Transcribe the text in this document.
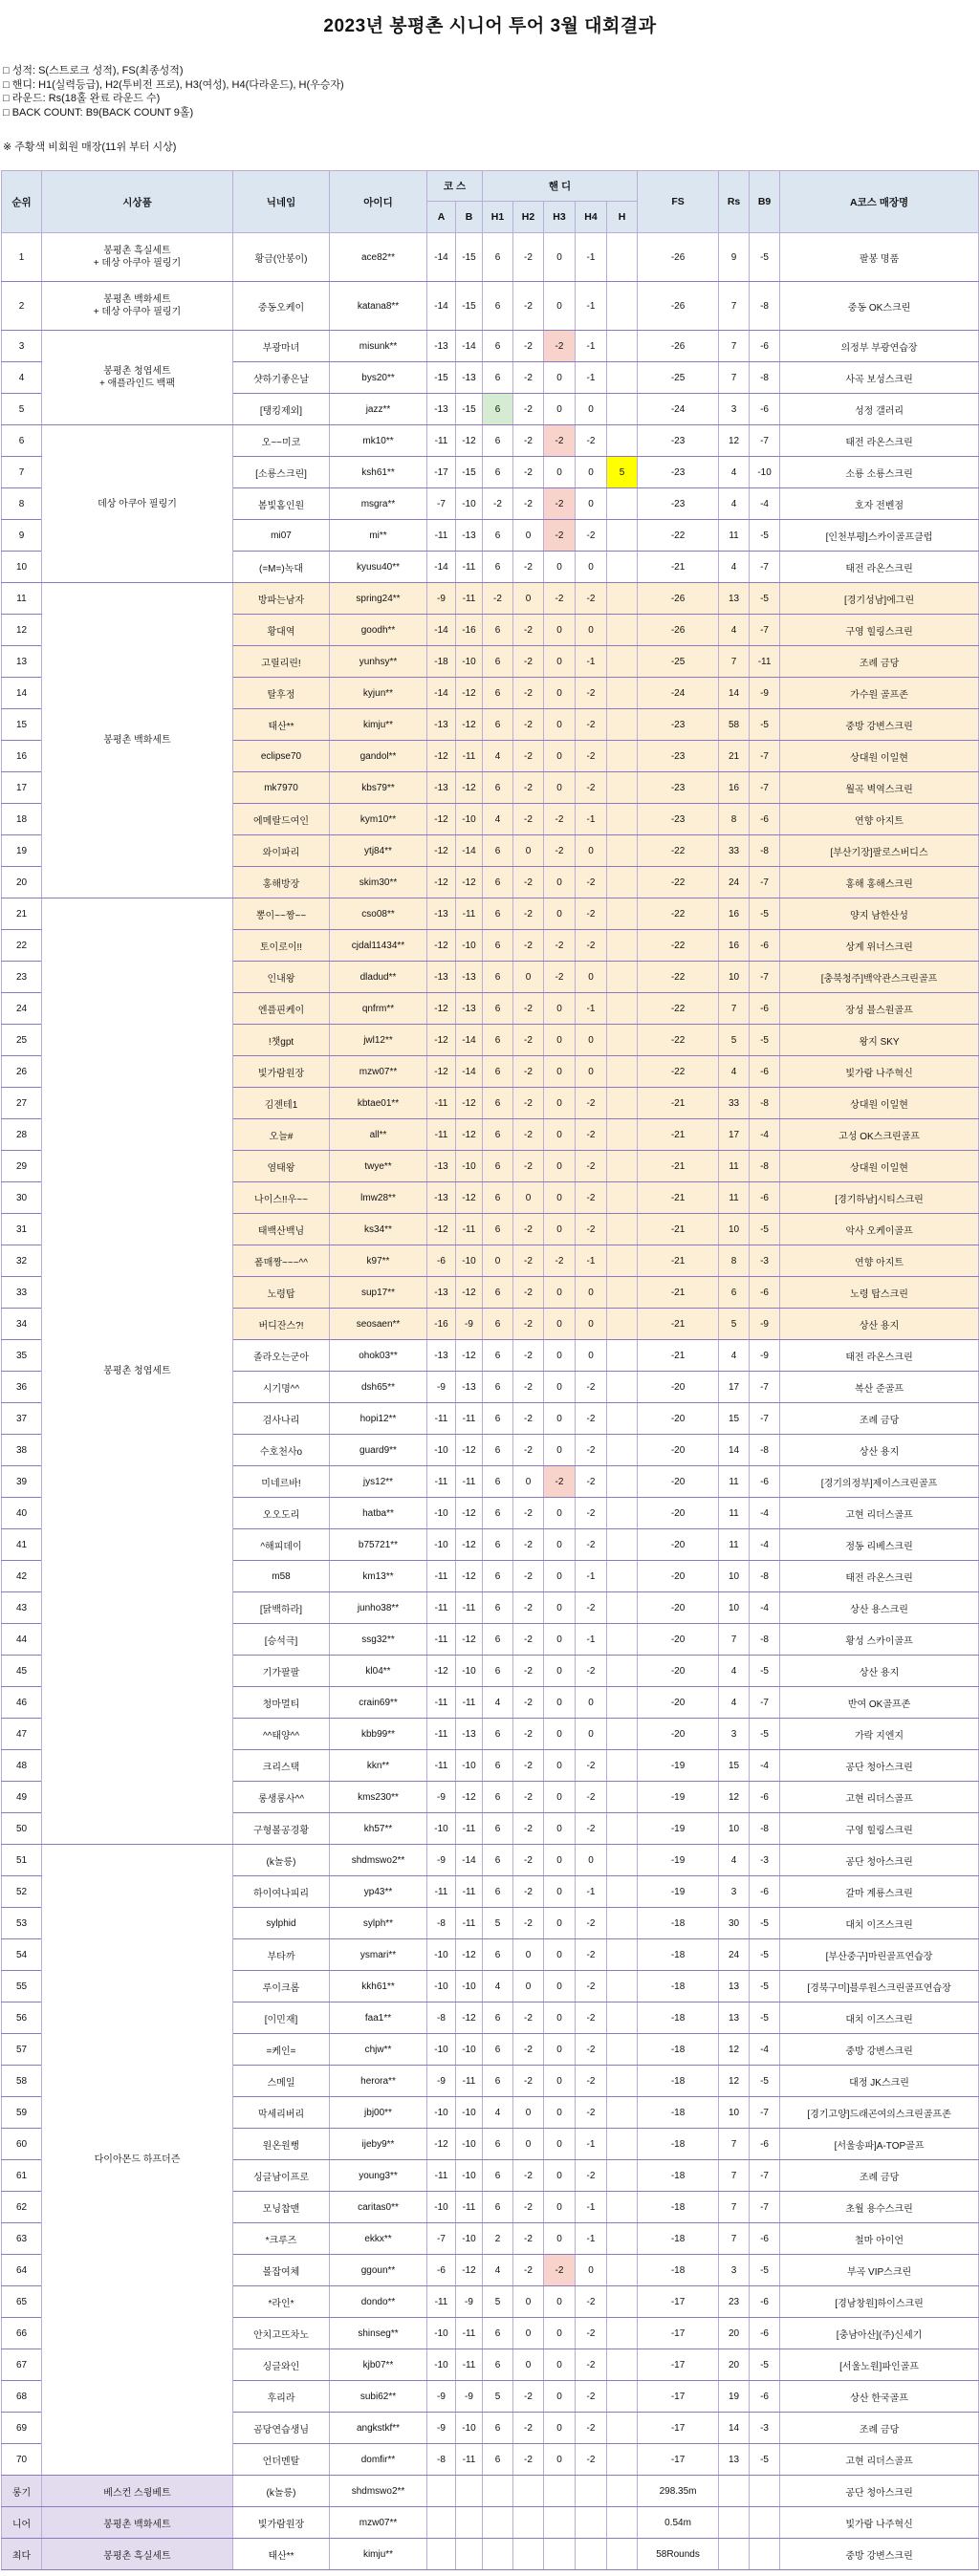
2023년 봉평촌 시니어 투어 3월 대회결과
□ 성적: S(스트로크 성적), FS(최종성적)
□ 핸디: H1(실력등급), H2(투비전 프로), H3(여성), H4(다라운드), H(우승자)
□ 라운드: Rs(18홀 완료 라운드 수)
□ BACK COUNT: B9(BACK COUNT 9홀)
※ 주황색 비회원 매장(11위 부터 시상)
순위	시상품	닉네임	아이디	코 스		핸 디					FS	Rs	B9	A코스 매장명
				A	B	H1	H2	H3	H4	H				
1	봉평촌 흑실세트
+ 데상 아쿠아 필링기	황금(안봉이)	ace82**	-14	-15	6	-2	0	-1		-26	9	-5	팔봉 명품
2	봉평촌 백화세트
+ 데상 아쿠아 필링기	중동오케이	katana8**	-14	-15	6	-2	0	-1		-26	7	-8	중동 OK스크린
3	봉평촌 청엽세트
+ 애플라인드 백팩	부광마녀	misunk**	-13	-14	6	-2	-2	-1		-26	7	-6	의정부 부광연습장
4		샷하기좋은날	bys20**	-15	-13	6	-2	0	-1		-25	7	-8	사곡 보성스크린
5		[탱킹제외]	jazz**	-13	-15	6	-2	0	0		-24	3	-6	성정 갤러리
6	데상 아쿠아 필링기	오~~미코	mk10**	-11	-12	6	-2	-2	-2		-23	12	-7	태전 라온스크린
7		[소룡스크린]	ksh61**	-17	-15	6	-2	0	0	5	-23	4	-10	소룡 소룡스크린
8		봄빛홈인원	msgra**	-7	-10	-2	-2	-2	0		-23	4	-4	호자 전벤점
9		mi07	mi**	-11	-13	6	0	-2	-2		-22	11	-5	[인천부평]스카이골프클럽
10		(=M=)녹대	kyusu40**	-14	-11	6	-2	0	0		-21	4	-7	태전 라온스크린
11	봉평촌 백화세트	방파는남자	spring24**	-9	-11	-2	0	-2	-2		-26	13	-5	[경기성남]에그린
12		황대역	goodh**	-14	-16	6	-2	0	0		-26	4	-7	구영 힐링스크린
13		고릴리린!	yunhsy**	-18	-10	6	-2	0	-1		-25	7	-11	조례 금당
14		탈후정	kyjun**	-14	-12	6	-2	0	-2		-24	14	-9	가수원 골프존
15		태산**	kimju**	-13	-12	6	-2	0	-2		-23	58	-5	중방 강변스크린
16		eclipse70	gandol**	-12	-11	4	-2	0	-2		-23	21	-7	상대원 이일현
17		mk7970	kbs79**	-13	-12	6	-2	0	-2		-23	16	-7	월곡 벽역스크린
18		에메랄드여인	kym10**	-12	-10	4	-2	-2	-1		-23	8	-6	연향 아지트
19		와이파리	ytj84**	-12	-14	6	0	-2	0		-22	33	-8	[부산기장]팔로스버디스
20		홍해방장	skim30**	-12	-12	6	-2	0	-2		-22	24	-7	홍해 홍해스크린
21	봉평촌 청엽세트	뽕이~~짱~~	cso08**	-13	-11	6	-2	0	-2		-22	16	-5	양지 남한산성
22		토이로이!!	cjdal11434**	-12	-10	6	-2	-2	-2		-22	16	-6	상계 위너스크린
23		인내왕	dladud**	-13	-13	6	0	-2	0		-22	10	-7	[충북청주]백악관스크린골프
24		엔플핀케이	qnfrm**	-12	-13	6	-2	0	-1		-22	7	-6	장성 블스원골프
25		!챗gpt	jwl12**	-12	-14	6	-2	0	0		-22	5	-5	왕지 SKY
26		빛가람원장	mzw07**	-12	-14	6	-2	0	0		-22	4	-6	빛가람 나주혁신
27		김젠테1	kbtae01**	-11	-12	6	-2	0	-2		-21	33	-8	상대원 이일현
28		오늘#	all**	-11	-12	6	-2	0	-2		-21	17	-4	고성 OK스크린골프
29		염태왕	twye**	-13	-10	6	-2	0	-2		-21	11	-8	상대원 이일현
30		나이스!!우~~	lmw28**	-13	-12	6	0	0	-2		-21	11	-6	[경기하남]시티스크린
31		태백산백님	ks34**	-12	-11	6	-2	0	-2		-21	10	-5	악사 오케이골프
32		폼매짱~~~^^	k97**	-6	-10	0	-2	-2	-1		-21	8	-3	연향 아지트
33		노령탑	sup17**	-13	-12	6	-2	0	0		-21	6	-6	노령 탑스크린
34		버디잔스?!	seosaen**	-16	-9	6	-2	0	0		-21	5	-9	상산 용지
35		졸라오는군아	ohok03**	-13	-12	6	-2	0	0		-21	4	-9	태전 라온스크린
36		시기명^^	dsh65**	-9	-13	6	-2	0	-2		-20	17	-7	복산 준골프
37		검사나리	hopi12**	-11	-11	6	-2	0	-2		-20	15	-7	조례 금당
38		수호천사o	guard9**	-10	-12	6	-2	0	-2		-20	14	-8	상산 용지
39		미네르바!	jys12**	-11	-11	6	0	-2	-2		-20	11	-6	[경기의정부]제이스크린골프
40		오오도리	hatba**	-10	-12	6	-2	0	-2		-20	11	-4	고현 리더스골프
41		^해피데이	b75721**	-10	-12	6	-2	0	-2		-20	11	-4	정동 리베스크린
42		m58	km13**	-11	-12	6	-2	0	-1		-20	10	-8	태전 라온스크린
43		[닭백하라]	junho38**	-11	-11	6	-2	0	-2		-20	10	-4	상산 용스크린
44		[승석극]	ssg32**	-11	-12	6	-2	0	-1		-20	7	-8	황성 스카이골프
45		기가팔팔	kl04**	-12	-10	6	-2	0	-2		-20	4	-5	상산 용지
46		청마멀티	crain69**	-11	-11	4	-2	0	0		-20	4	-7	반여 OK골프존
47		^^태양^^	kbb99**	-11	-13	6	-2	0	0		-20	3	-5	가락 지엔지
48		크리스택	kkn**	-11	-10	6	-2	0	-2		-19	15	-4	공단 청아스크린
49		롱생롱사^^	kms230**	-9	-12	6	-2	0	-2		-19	12	-6	고현 리더스골프
50		구형볼공경황	kh57**	-10	-11	6	-2	0	-2		-19	10	-8	구영 힐링스크린
51	다이아몬드 하프더즌	(k놀릉)	shdmswo2**	-9	-14	6	-2	0	0		-19	4	-3	공단 청아스크린
52		하이여나피리	yp43**	-11	-11	6	-2	0	-1		-19	3	-6	갈마 계룡스크린
53		sylphid	sylph**	-8	-11	5	-2	0	-2		-18	30	-5	대치 이즈스크린
54		부타까	ysmari**	-10	-12	6	0	0	-2		-18	24	-5	[부산중구]마린골프연습장
55		루이크롬	kkh61**	-10	-10	4	0	0	-2		-18	13	-5	[경북구미]블루원스크린골프연습장
56		[이민재]	faa1**	-8	-12	6	-2	0	-2		-18	13	-5	대치 이즈스크린
57		=케인=	chjw**	-10	-10	6	-2	0	-2		-18	12	-4	중방 강변스크린
58		스메일	herora**	-9	-11	6	-2	0	-2		-18	12	-5	대정 JK스크린
59		막세리버리	jbj00**	-10	-10	4	0	0	-2		-18	10	-7	[경기고양]드래곤여의스크린골프존
60		원온원뻥	ijeby9**	-12	-10	6	0	0	-1		-18	7	-6	[서울송파]A-TOP골프
61		싱글남이프로	young3**	-11	-10	6	-2	0	-2		-18	7	-7	조례 금당
62		모닝찹맨	caritas0**	-10	-11	6	-2	0	-1		-18	7	-7	초월 용수스크린
63		*크루즈	ekkx**	-7	-10	2	-2	0	-1		-18	7	-6	철마 아이언
64		볼잡여체	ggoun**	-6	-12	4	-2	-2	0		-18	3	-5	부곡 VIP스크린
65		*라인*	dondo**	-11	-9	5	0	0	-2		-17	23	-6	[경남창원]하이스크린
66		안치고뜨차노	shinseg**	-10	-11	6	0	0	-2		-17	20	-6	[충남아산](주)신세기
67		싱글와인	kjb07**	-10	-11	6	0	0	-2		-17	20	-5	[서울노원]파인골프
68		후리라	subi62**	-9	-9	5	-2	0	-2		-17	19	-6	상산 한국골프
69		곰당연습생님	angkstkf**	-9	-10	6	-2	0	-2		-17	14	-3	조례 금당
70		언더멘탈	domfir**	-8	-11	6	-2	0	-2		-17	13	-5	고현 리더스골프
롱기	베스컨 스윙베트	(k놀릉)	shdmswo2**								298.35m			공단 청아스크린
니어	봉평촌 백화세트	빛가람원장	mzw07**								0.54m			빛가람 나주혁신
최다	봉평촌 흑실세트	태산**	kimju**								58Rounds			중방 강변스크린
